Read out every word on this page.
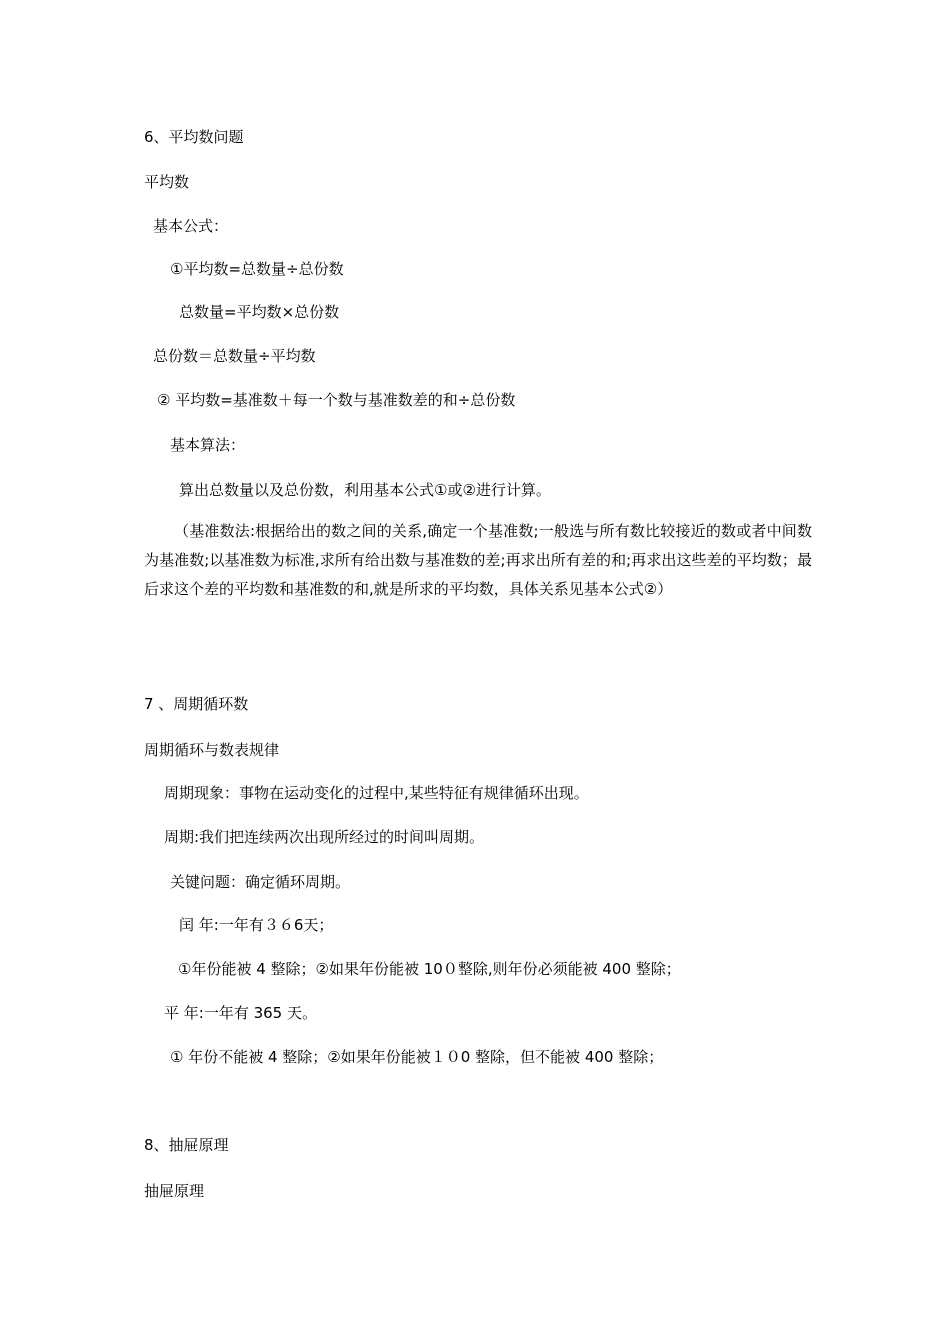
6、平均数问题
平均数
基本公式：
①平均数=总数量÷总份数
总数量=平均数×总份数
总份数＝总数量÷平均数
② 平均数=基准数＋每一个数与基准数差的和÷总份数
基本算法：
算出总数量以及总份数，利用基本公式①或②进行计算。
（基准数法:根据给出的数之间的关系,确定一个基准数;一般选与所有数比较接近的数或者中间数为基准数;以基准数为标准,求所有给出数与基准数的差;再求出所有差的和;再求出这些差的平均数；最后求这个差的平均数和基准数的和,就是所求的平均数，具体关系见基本公式②）
7 、周期循环数
周期循环与数表规律
周期现象：事物在运动变化的过程中,某些特征有规律循环出现。
周期:我们把连续两次出现所经过的时间叫周期。
关键问题：确定循环周期。
闰 年:一年有３６6天；
①年份能被 4 整除；②如果年份能被 10０整除,则年份必须能被 400 整除；
平 年:一年有 365 天。
① 年份不能被 4 整除；②如果年份能被１０0 整除，但不能被 400 整除；
8、抽屉原理
抽屉原理
